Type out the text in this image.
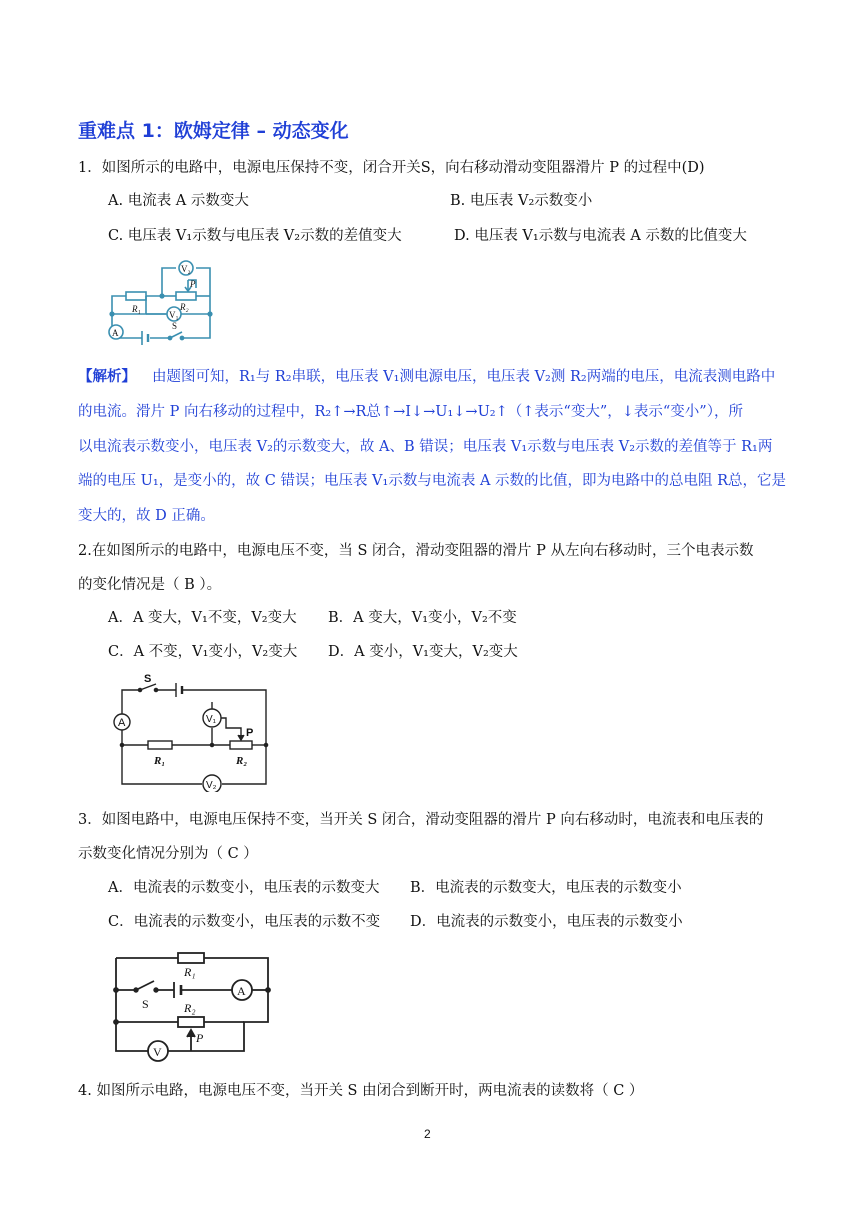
重难点 1：欧姆定律 – 动态变化
1．如图所示的电路中，电源电压保持不变，闭合开关S，向右移动滑动变阻器滑片 P 的过程中(D)
A. 电流表 A 示数变大	B. 电压表 V₂示数变小
C. 电压表 V₁示数与电压表 V₂示数的差值变大	D. 电压表 V₁示数与电流表 A 示数的比值变大
V₂
V₁
A
R₁	R₂
P
S
【解析】 由题图可知，R₁与 R₂串联，电压表 V₁测电源电压，电压表 V₂测 R₂两端的电压，电流表测电路中
的电流。滑片 P 向右移动的过程中，R₂↑→R总↑→I↓→U₁↓→U₂↑（↑表示“变大”，↓表示“变小”），所
以电流表示数变小，电压表 V₂的示数变大，故 A、B 错误；电压表 V₁示数与电压表 V₂示数的差值等于 R₁两
端的电压 U₁，是变小的，故 C 错误；电压表 V₁示数与电流表 A 示数的比值，即为电路中的总电阻 R总，它是
变大的，故 D 正确。
2.在如图所示的电路中，电源电压不变，当 S 闭合，滑动变阻器的滑片 P 从左向右移动时，三个电表示数
的变化情况是（ B ）。
A．A 变大，V₁不变，V₂变大 B．A 变大，V₁变小，V₂不变
C．A 不变，V₁变小，V₂变大 D．A 变小，V₁变大，V₂变大
S
A	V₁
V₂
R₁	R₂
P
3．如图电路中，电源电压保持不变，当开关 S 闭合，滑动变阻器的滑片 P 向右移动时，电流表和电压表的
示数变化情况分别为（ C ）
A．电流表的示数变小，电压表的示数变大 B．电流表的示数变大，电压表的示数变小
C．电流表的示数变小，电压表的示数不变 D．电流表的示数变小，电压表的示数变小
R₁
R₂
S
A
V
P
4. 如图所示电路，电源电压不变，当开关 S 由闭合到断开时，两电流表的读数将（ C ）
2
